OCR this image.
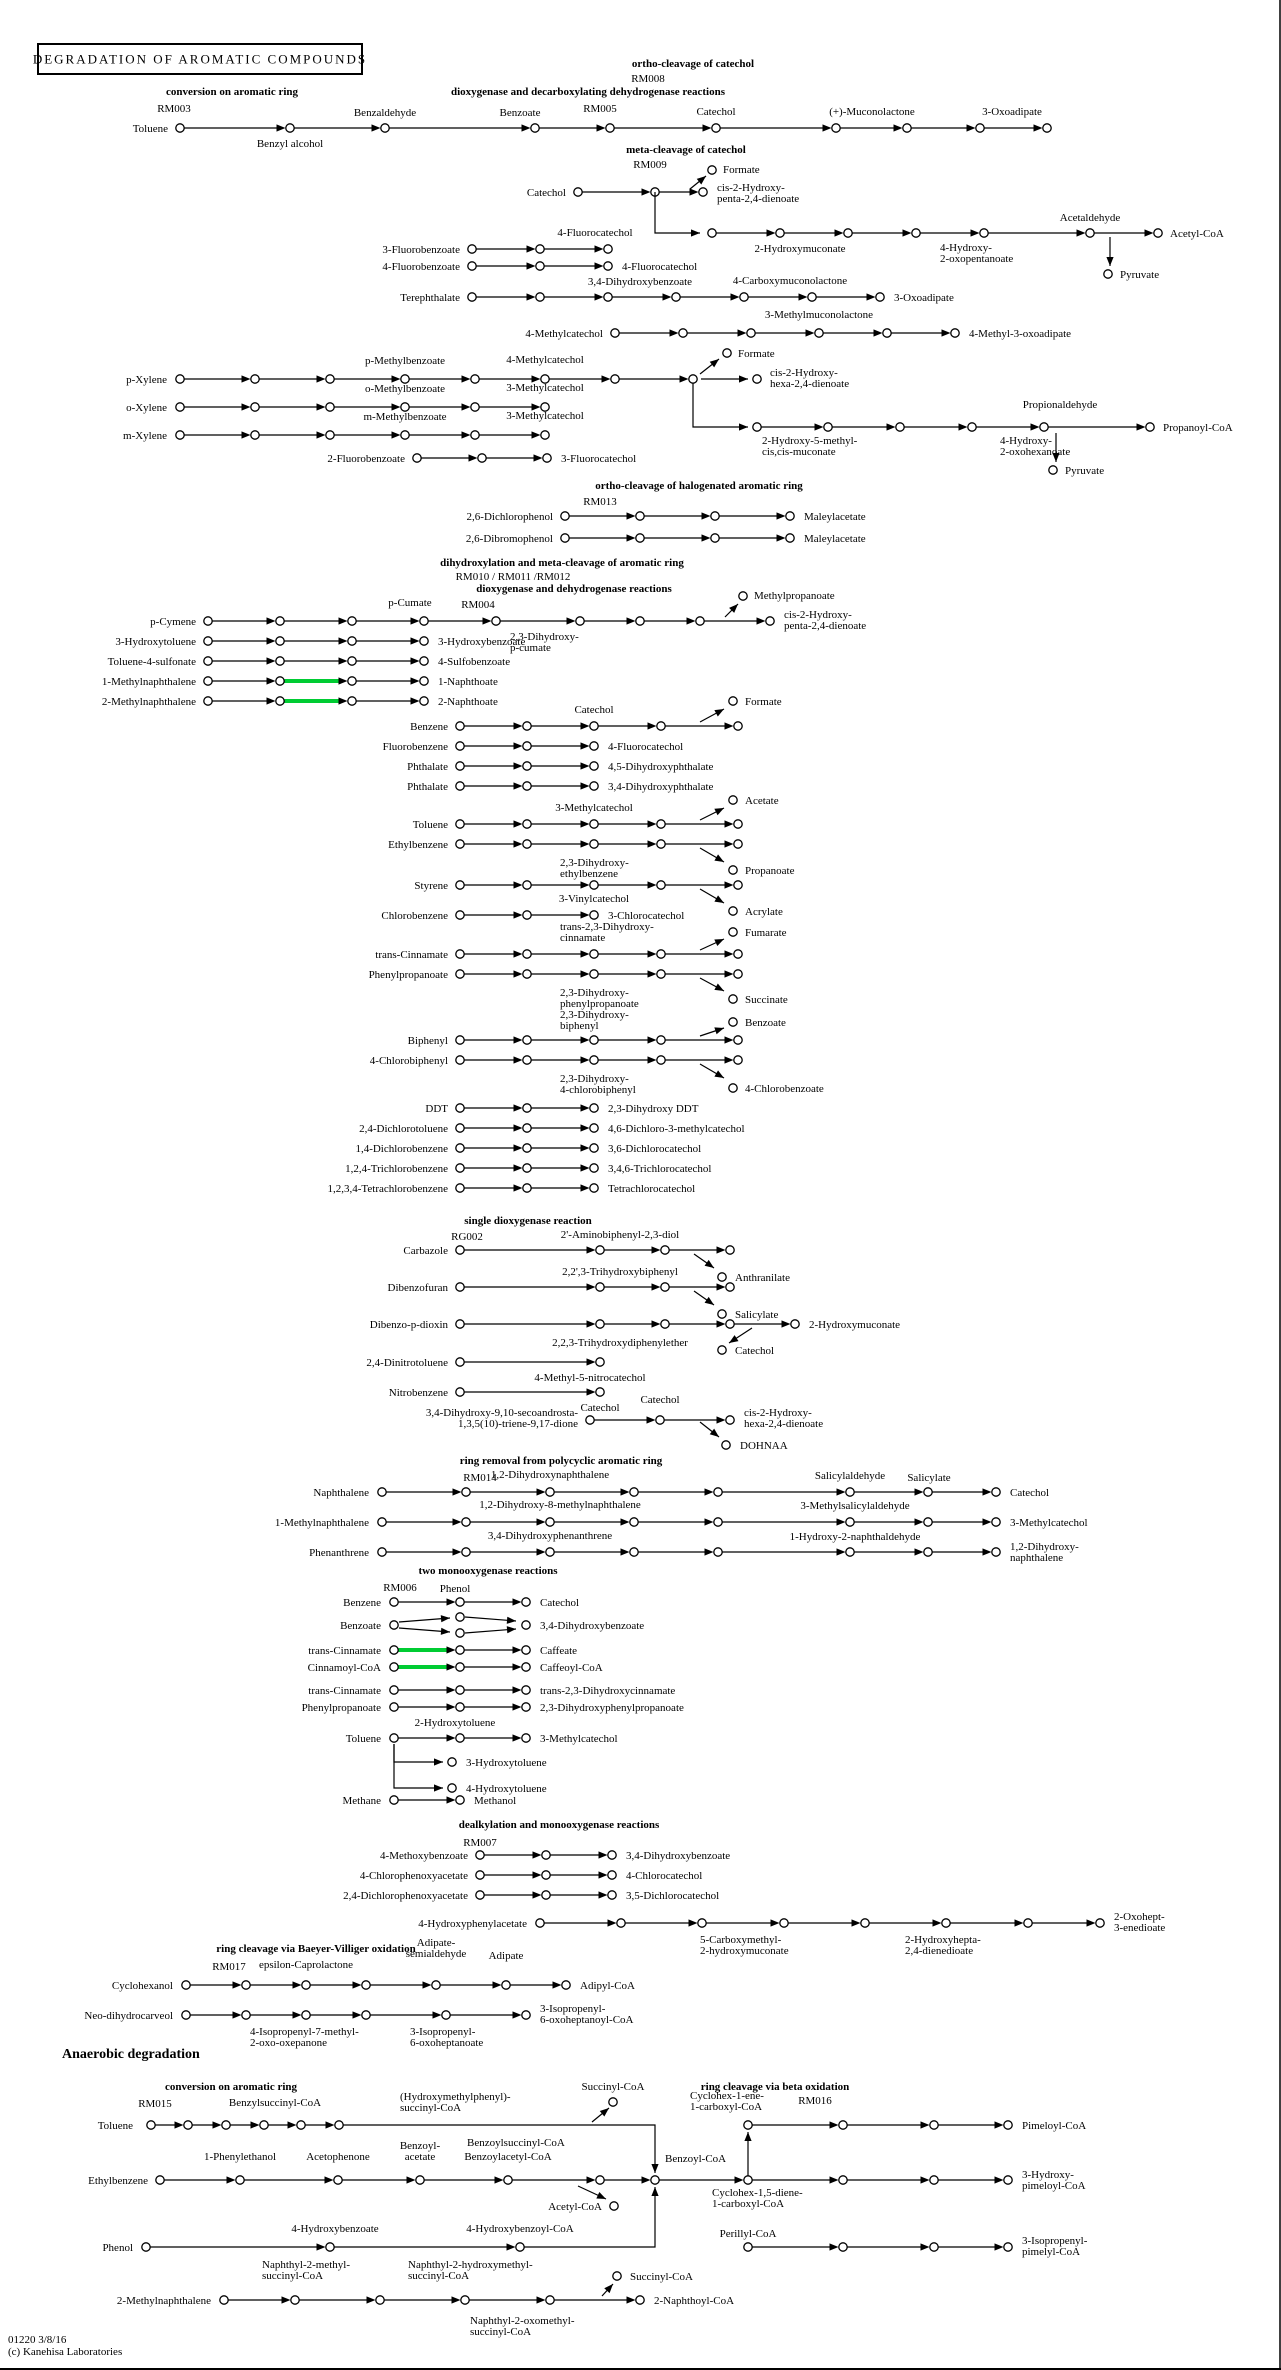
DEGRADATION OF AROMATIC COMPOUNDS
conversion on aromatic ring
RM003
dioxygenase and decarboxylating dehydrogenase reactions
RM005
ortho-cleavage of catechol
RM008
Toluene
Benzyl alcohol
Benzaldehyde	Benzoate	Catechol	(+)-Muconolactone	3-Oxoadipate
meta-cleavage of catechol
RM009
Catechol
Formate
cis-2-Hydroxy-
penta-2,4-dienoate
2-Hydroxymuconate	4-Hydroxy-
2-oxopentanoate
Acetaldehyde
Acetyl-CoA
Pyruvate
3-Fluorobenzoate
4-Fluorocatechol
4-Fluorobenzoate	4-Fluorocatechol
Terephthalate
3,4-Dihydroxybenzoate	4-Carboxymuconolactone
3-Oxoadipate
4-Methylcatechol
3-Methylmuconolactone
4-Methyl-3-oxoadipate
p-Xylene
p-Methylbenzoate	4-Methylcatechol	Formate
cis-2-Hydroxy-
hexa-2,4-dienoate
o-Xylene
o-Methylbenzoate	3-Methylcatechol
m-Xylene
m-Methylbenzoate	3-Methylcatechol
2-Fluorobenzoate	3-Fluorocatechol
2-Hydroxy-5-methyl-
cis,cis-muconate
4-Hydroxy-
2-oxohexanoate
Propionaldehyde
Propanoyl-CoA
Pyruvate
ortho-cleavage of halogenated aromatic ring
RM013
2,6-Dichlorophenol	Maleylacetate
2,6-Dibromophenol	Maleylacetate
dihydroxylation and meta-cleavage of aromatic ring
RM010 / RM011 /RM012
dioxygenase and dehydrogenase reactions
RM004
p-Cumate
p-Cymene
2,3-Dihydroxy-
p-cumate
Methylpropanoate
cis-2-Hydroxy-
penta-2,4-dienoate
3-Hydroxytoluene	3-Hydroxybenzoate
Toluene-4-sulfonate	4-Sulfobenzoate
1-Methylnaphthalene	1-Naphthoate
2-Methylnaphthalene	2-Naphthoate
Benzene
Catechol
Formate
Fluorobenzene	4-Fluorocatechol
Phthalate	4,5-Dihydroxyphthalate
Phthalate	3,4-Dihydroxyphthalate
Acetate
Toluene
3-Methylcatechol
Ethylbenzene
2,3-Dihydroxy-
ethylbenzene	Propanoate
Styrene
3-Vinylcatechol
Acrylate
Chlorobenzene	3-Chlorocatechol
trans-2,3-Dihydroxy-
cinnamate	Fumarate
trans-Cinnamate
Phenylpropanoate
2,3-Dihydroxy-
phenylpropanoate	Succinate
2,3-Dihydroxy-
biphenyl	Benzoate
Biphenyl
4-Chlorobiphenyl
2,3-Dihydroxy-
4-chlorobiphenyl	4-Chlorobenzoate
DDT	2,3-Dihydroxy DDT
2,4-Dichlorotoluene	4,6-Dichloro-3-methylcatechol
1,4-Dichlorobenzene	3,6-Dichlorocatechol
1,2,4-Trichlorobenzene	3,4,6-Trichlorocatechol
1,2,3,4-Tetrachlorobenzene	Tetrachlorocatechol
single dioxygenase reaction
RG002
Carbazole
2'-Aminobiphenyl-2,3-diol
Anthranilate
Dibenzofuran
2,2',3-Trihydroxybiphenyl
Salicylate
Dibenzo-p-dioxin	2-Hydroxymuconate
2,2,3-Trihydroxydiphenylether
Catechol
2,4-Dinitrotoluene
4-Methyl-5-nitrocatechol
Nitrobenzene
Catechol
3,4-Dihydroxy-9,10-secoandrosta-
1,3,5(10)-triene-9,17-dione
Catechol
cis-2-Hydroxy-
hexa-2,4-dienoate
DOHNAA
ring removal from polycyclic aromatic ring
RM014
Naphthalene
1,2-Dihydroxynaphthalene	Salicylaldehyde Salicylate
Catechol
1-Methylnaphthalene
1,2-Dihydroxy-8-methylnaphthalene	3-Methylsalicylaldehyde
3-Methylcatechol
Phenanthrene
3,4-Dihydroxyphenanthrene	1-Hydroxy-2-naphthaldehyde
1,2-Dihydroxy-
naphthalene
two monooxygenase reactions
RM006 Phenol
Benzene	Catechol
Benzoate	3,4-Dihydroxybenzoate
trans-Cinnamate	Caffeate
Cinnamoyl-CoA	Caffeoyl-CoA
trans-Cinnamate	trans-2,3-Dihydroxycinnamate
Phenylpropanoate	2,3-Dihydroxyphenylpropanoate
2-Hydroxytoluene
Toluene	3-Methylcatechol
3-Hydroxytoluene
4-Hydroxytoluene
Methane	Methanol
dealkylation and monooxygenase reactions
RM007
4-Methoxybenzoate	3,4-Dihydroxybenzoate
4-Chlorophenoxyacetate	4-Chlorocatechol
2,4-Dichlorophenoxyacetate	3,5-Dichlorocatechol
4-Hydroxyphenylacetate
5-Carboxymethyl-
2-hydroxymuconate
2-Hydroxyhepta-
2,4-dienedioate
2-Oxohept-
3-enedioate
ring cleavage via Baeyer-Villiger oxidation
RM017
Cyclohexanol
epsilon-Caprolactone
Adipate-
semialdehyde Adipate
Adipyl-CoA
Neo-dihydrocarveol
4-Isopropenyl-7-methyl-
2-oxo-oxepanone
3-Isopropenyl-
6-oxoheptanoate
3-Isopropenyl-
6-oxoheptanoyl-CoA
Anaerobic degradation
conversion on aromatic ring
RM015
Toluene
Benzylsuccinyl-CoA	(Hydroxymethylphenyl)-
succinyl-CoA
Benzoylsuccinyl-CoA
Succinyl-CoA	ring cleavage via beta oxidation
RM016
Cyclohex-1-ene-
1-carboxyl-CoA
Pimeloyl-CoA
Ethylbenzene
1-Phenylethanol	Acetophenone
Benzoyl-
acetate	Benzoylacetyl-CoA	Benzoyl-CoA
Acetyl-CoA
Cyclohex-1,5-diene-
1-carboxyl-CoA
3-Hydroxy-
pimeloyl-CoA
Phenol
4-Hydroxybenzoate	4-Hydroxybenzoyl-CoA	Perillyl-CoA
3-Isopropenyl-
pimelyl-CoA
2-Methylnaphthalene
Naphthyl-2-methyl-
succinyl-CoA
Naphthyl-2-hydroxymethyl-
succinyl-CoA	Succinyl-CoA
Naphthyl-2-oxomethyl-
succinyl-CoA
2-Naphthoyl-CoA
01220 3/8/16
(c) Kanehisa Laboratories
